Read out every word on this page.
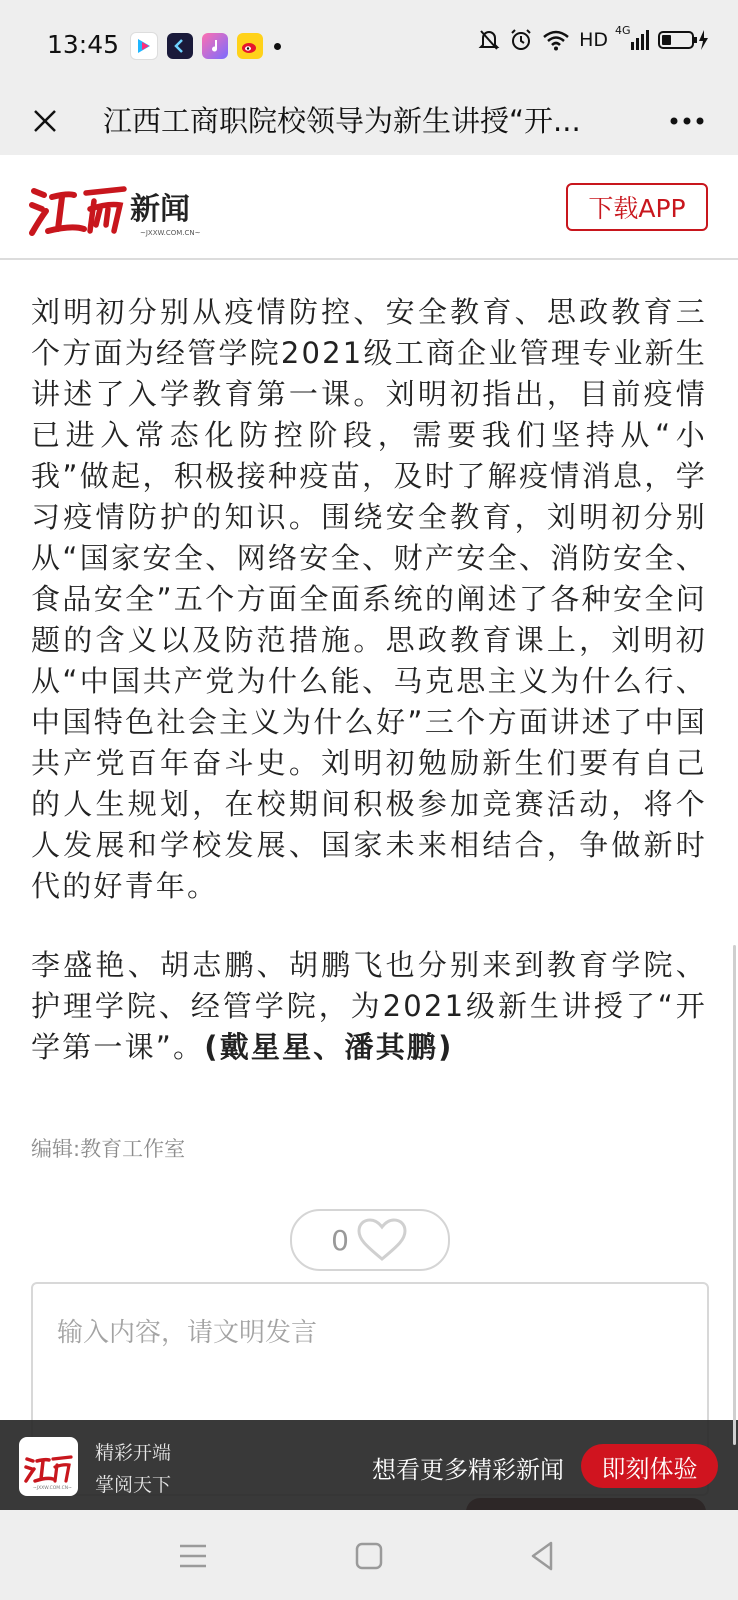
13:45	HD 4G
江西工商职院校领导为新生讲授“开...
新闻
~JXXW.COM.CN~
下载APP

刘明初分别从疫情防控、安全教育、思政教育三个方面为经管学院2021级工商企业管理专业新生讲述了入学教育第一课。刘明初指出，目前疫情已进入常态化防控阶段，需要我们坚持从“小我”做起，积极接种疫苗，及时了解疫情消息，学习疫情防护的知识。围绕安全教育，刘明初分别从“国家安全、网络安全、财产安全、消防安全、食品安全”五个方面全面系统的阐述了各种安全问题的含义以及防范措施。思政教育课上，刘明初从“中国共产党为什么能、马克思主义为什么行、中国特色社会主义为什么好”三个方面讲述了中国共产党百年奋斗史。刘明初勉励新生们要有自己的人生规划，在校期间积极参加竞赛活动，将个人发展和学校发展、国家未来相结合，争做新时代的好青年。

李盛艳、胡志鹏、胡鹏飞也分别来到教育学院、护理学院、经管学院，为2021级新生讲授了“开学第一课”。(戴星星、潘其鹏)

编辑:教育工作室
0
输入内容，请文明发言
~JXXW.COM.CN~
精彩开端
掌阅天下
想看更多精彩新闻	即刻体验
